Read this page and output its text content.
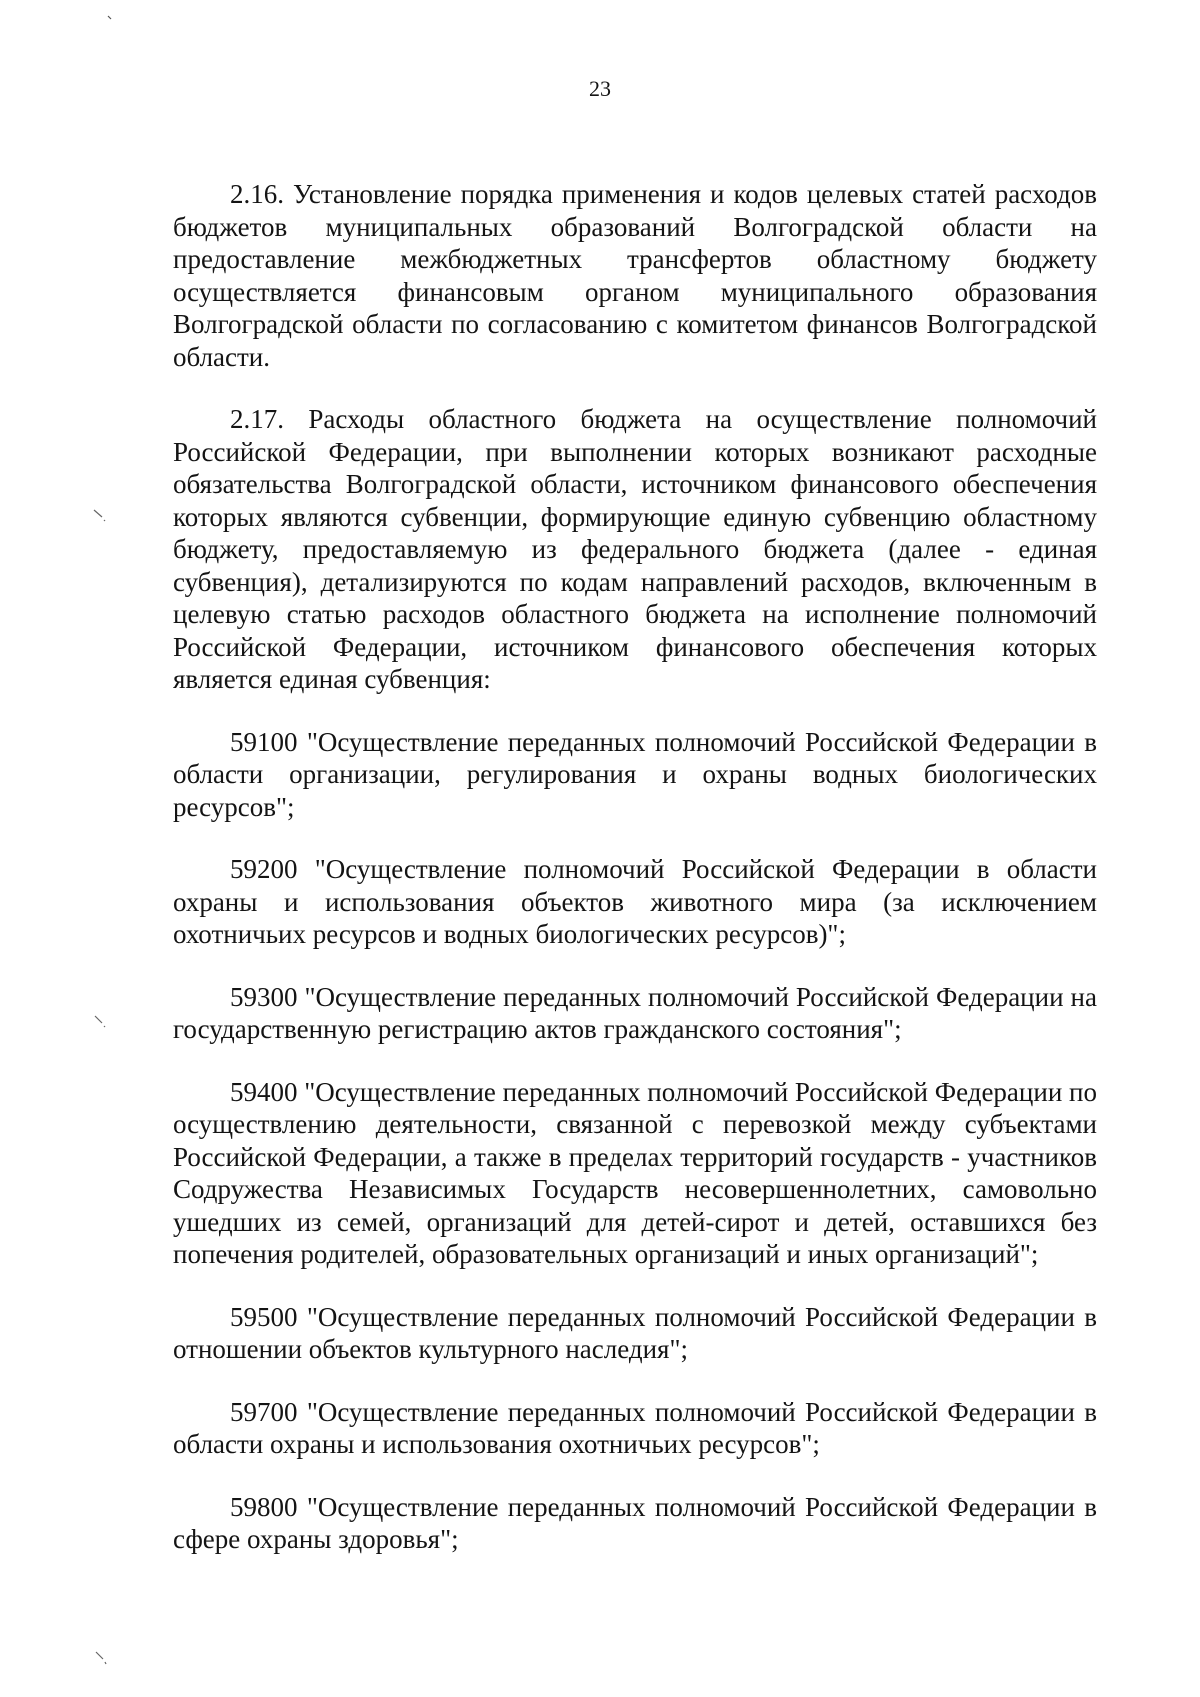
23

2.16. Установление порядка применения и кодов целевых статей расходов бюджетов муниципальных образований Волгоградской области на предоставление межбюджетных трансфертов областному бюджету осуществляется финансовым органом муниципального образования Волгоградской области по согласованию с комитетом финансов Волгоградской области.

2.17. Расходы областного бюджета на осуществление полномочий Российской Федерации, при выполнении которых возникают расходные обязательства Волгоградской области, источником финансового обеспечения которых являются субвенции, формирующие единую субвенцию областному бюджету, предоставляемую из федерального бюджета (далее - единая субвенция), детализируются по кодам направлений расходов, включенным в целевую статью расходов областного бюджета на исполнение полномочий Российской Федерации, источником финансового обеспечения которых является единая субвенция:

59100 "Осуществление переданных полномочий Российской Федерации в области организации, регулирования и охраны водных биологических ресурсов";

59200 "Осуществление полномочий Российской Федерации в области охраны и использования объектов животного мира (за исключением охотничьих ресурсов и водных биологических ресурсов)";

59300 "Осуществление переданных полномочий Российской Федерации на государственную регистрацию актов гражданского состояния";

59400 "Осуществление переданных полномочий Российской Федерации по осуществлению деятельности, связанной с перевозкой между субъектами Российской Федерации, а также в пределах территорий государств - участников Содружества Независимых Государств несовершеннолетних, самовольно ушедших из семей, организаций для детей-сирот и детей, оставшихся без попечения родителей, образовательных организаций и иных организаций";

59500 "Осуществление переданных полномочий Российской Федерации в отношении объектов культурного наследия";

59700 "Осуществление переданных полномочий Российской Федерации в области охраны и использования охотничьих ресурсов";

59800 "Осуществление переданных полномочий Российской Федерации в сфере охраны здоровья";
